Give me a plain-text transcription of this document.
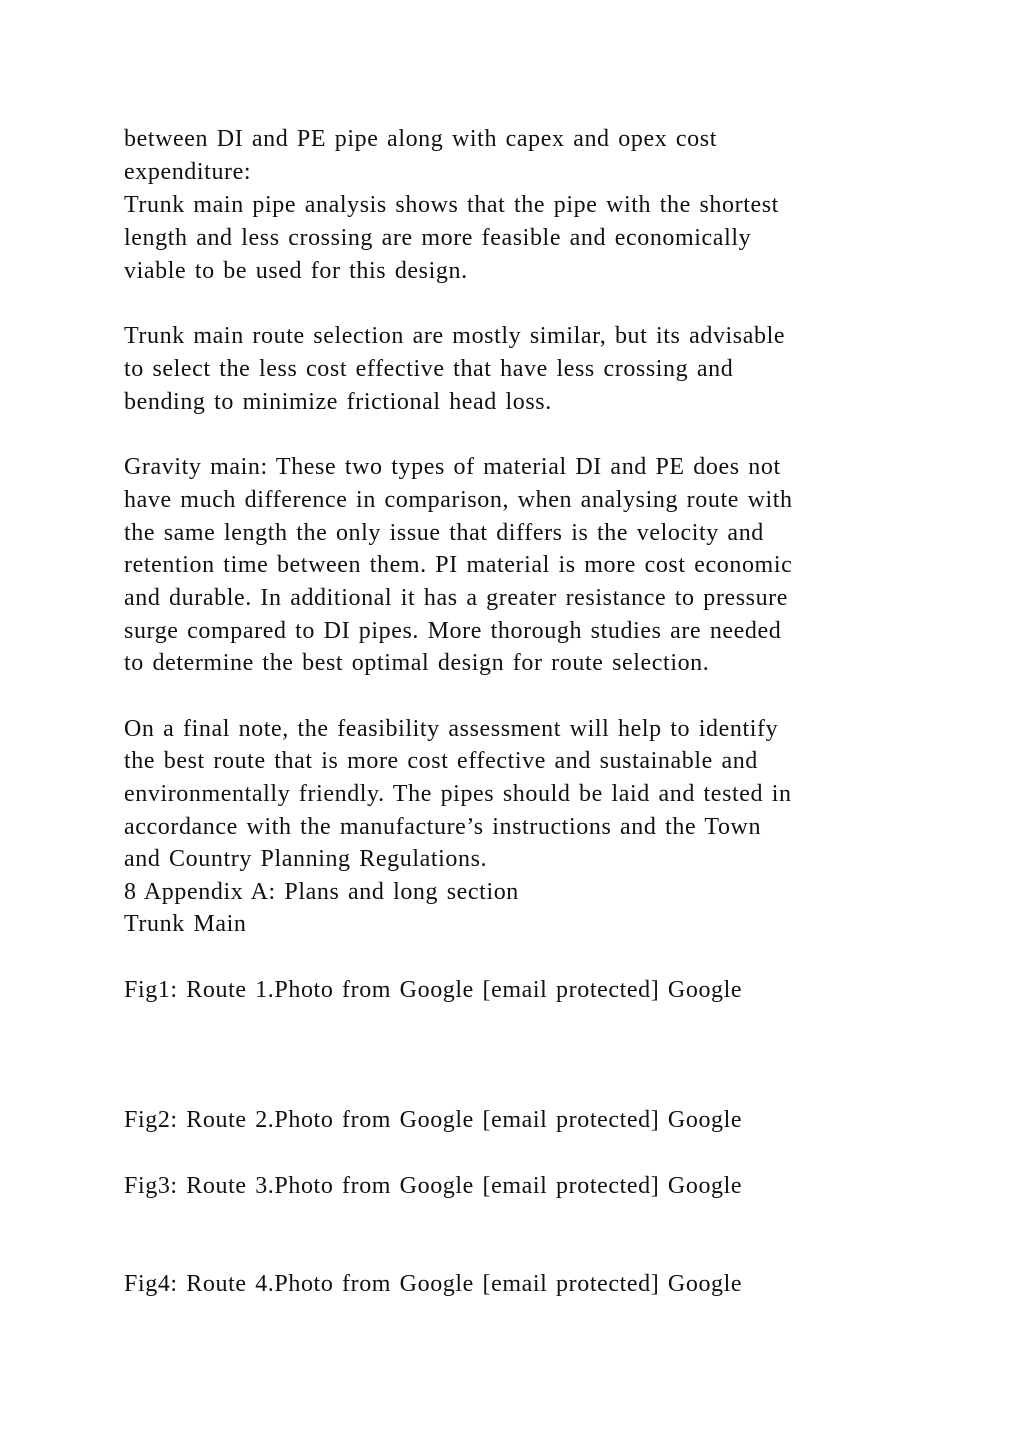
between DI and PE pipe along with capex and opex cost
expenditure:
Trunk main pipe analysis shows that the pipe with the shortest
length and less crossing are more feasible and economically
viable to be used for this design.
Trunk main route selection are mostly similar, but its advisable
to select the less cost effective that have less crossing and
bending to minimize frictional head loss.
Gravity main: These two types of material DI and PE does not
have much difference in comparison, when analysing route with
the same length the only issue that differs is the velocity and
retention time between them. PI material is more cost economic
and durable. In additional it has a greater resistance to pressure
surge compared to DI pipes. More thorough studies are needed
to determine the best optimal design for route selection.
On a final note, the feasibility assessment will help to identify
the best route that is more cost effective and sustainable and
environmentally friendly. The pipes should be laid and tested in
accordance with the manufacture’s instructions and the Town
and Country Planning Regulations.
8 Appendix A: Plans and long section
Trunk Main
Fig1: Route 1.Photo from Google [email protected] Google
Fig2: Route 2.Photo from Google [email protected] Google
Fig3: Route 3.Photo from Google [email protected] Google
Fig4: Route 4.Photo from Google [email protected] Google
